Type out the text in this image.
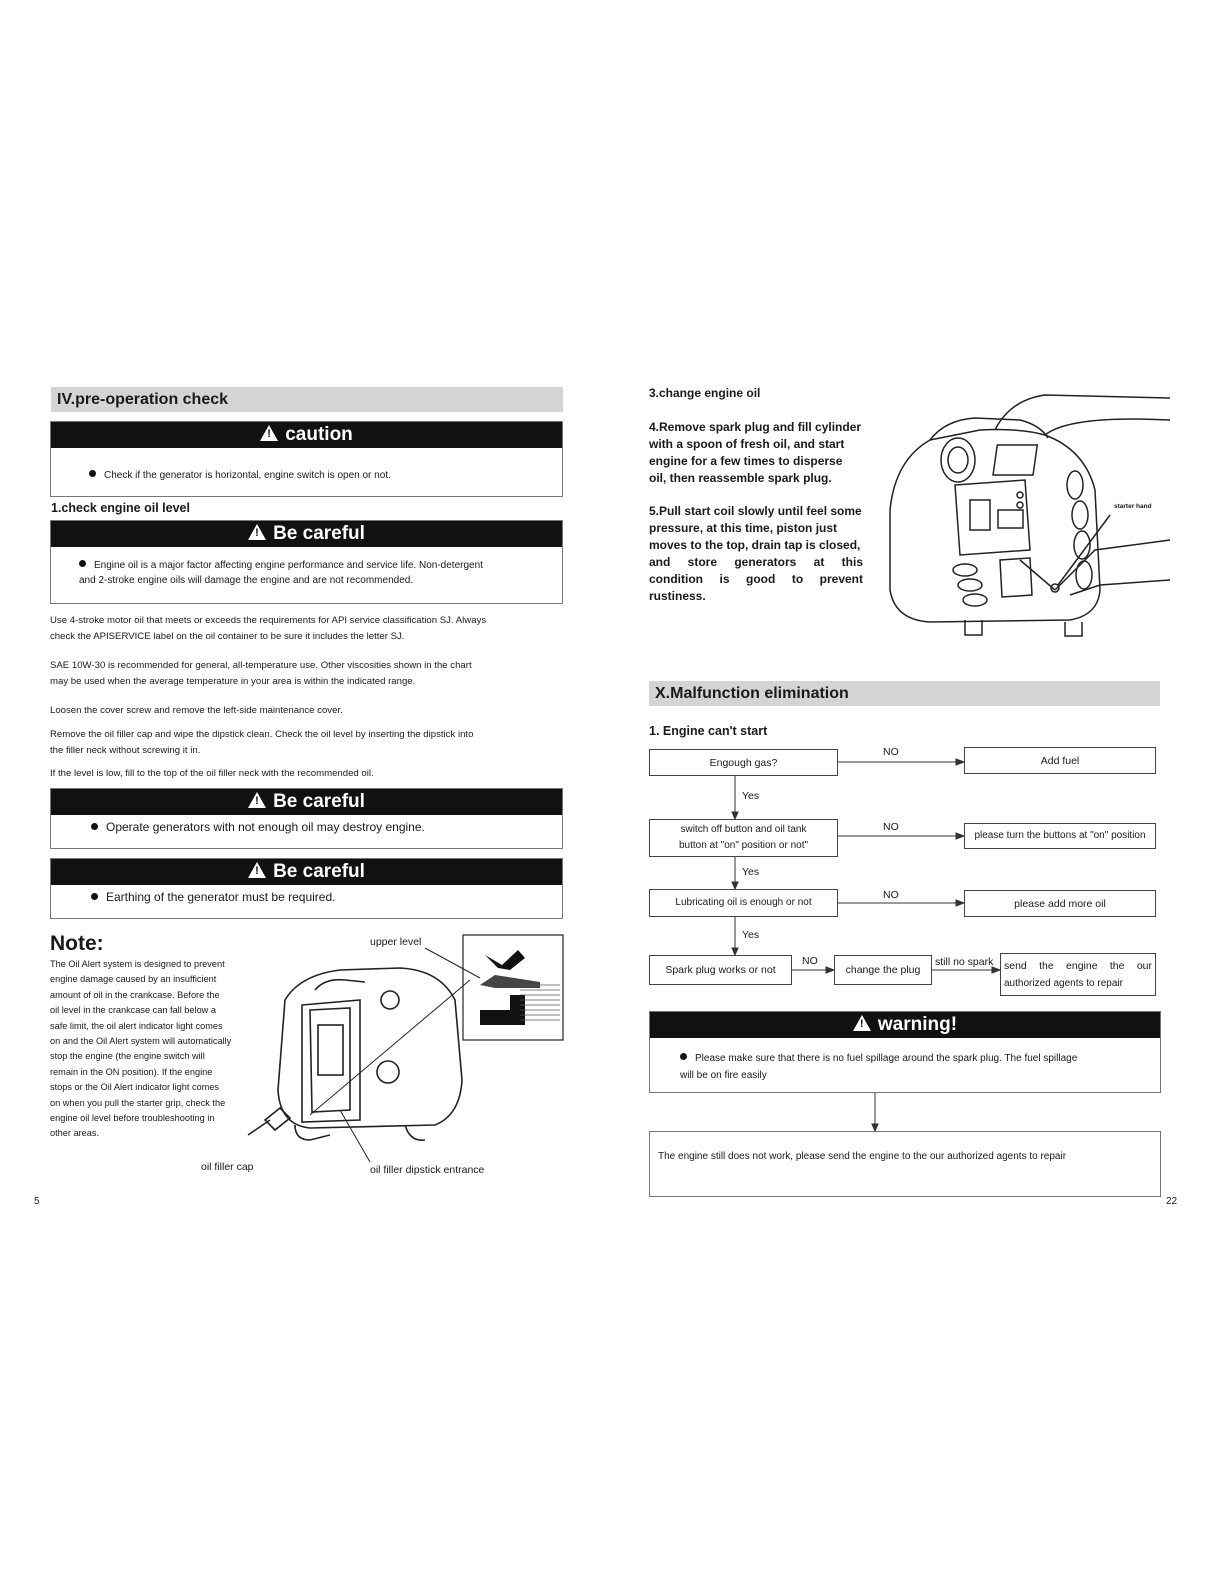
IV.pre-operation check
!caution
Check if the generator is horizontal, engine switch is open or not.
1.check engine oil level
!Be careful
Engine oil is a major factor affecting engine performance and service life. Non-detergent
and 2-stroke engine oils will damage the engine and are not recommended.
Use 4-stroke motor oil that meets or exceeds the requirements for API service classification SJ. Always
check the APISERVICE label on the oil container to be sure it includes the letter SJ.
SAE 10W-30 is recommended for general, all-temperature use. Other viscosities shown in the chart
may be used when the average temperature in your area is within the indicated range.
Loosen the cover screw and remove the left-side maintenance cover.
Remove the oil filler cap and wipe the dipstick clean. Check the oil level by inserting the dipstick into
the filler neck without screwing it in.
If the level is low, fill to the top of the oil filler neck with the recommended oil.
!Be careful
Operate generators with not enough oil may destroy engine.
!Be careful
Earthing of the generator must be required.
Note:
The Oil Alert system is designed to prevent
engine damage caused by an insufficient
amount of oil in the crankcase. Before the
oil level in the crankcase can fall below a
safe limit, the oil alert indicator light comes
on and the Oil Alert system will automatically
stop the engine (the engine switch will
remain in the ON position). If the engine
stops or the Oil Alert indicator light comes
on when you pull the starter grip, check the
engine oil level before troubleshooting in
other areas.
upper level
oil filler cap	oil filler dipstick entrance
5
3.change engine oil
4.Remove spark plug and fill cylinder
with a spoon of fresh oil, and start
engine for a few times to disperse
oil, then reassemble spark plug.
5.Pull start coil slowly until feel some
pressure, at this time, piston just
moves to the top, drain tap is closed,
and store generators at this
condition is good to prevent
rustiness.
starter hand
X.Malfunction elimination
1. Engine can't start
Engough gas?	Add fuel
NO
Yes
switch off button and oil tank
button at "on" position or not"
please turn the buttons at "on" position
NO
Yes
Lubricating oil is enough or not	please add more oil
NO
Yes
Spark plug works or not
NO
change the plug
still no spark send the engine the our
authorized agents to repair
!warning!
Please make sure that there is no fuel spillage around the spark plug. The fuel spillage
will be on fire easily
The engine still does not work, please send the engine to the our authorized agents to repair
22
